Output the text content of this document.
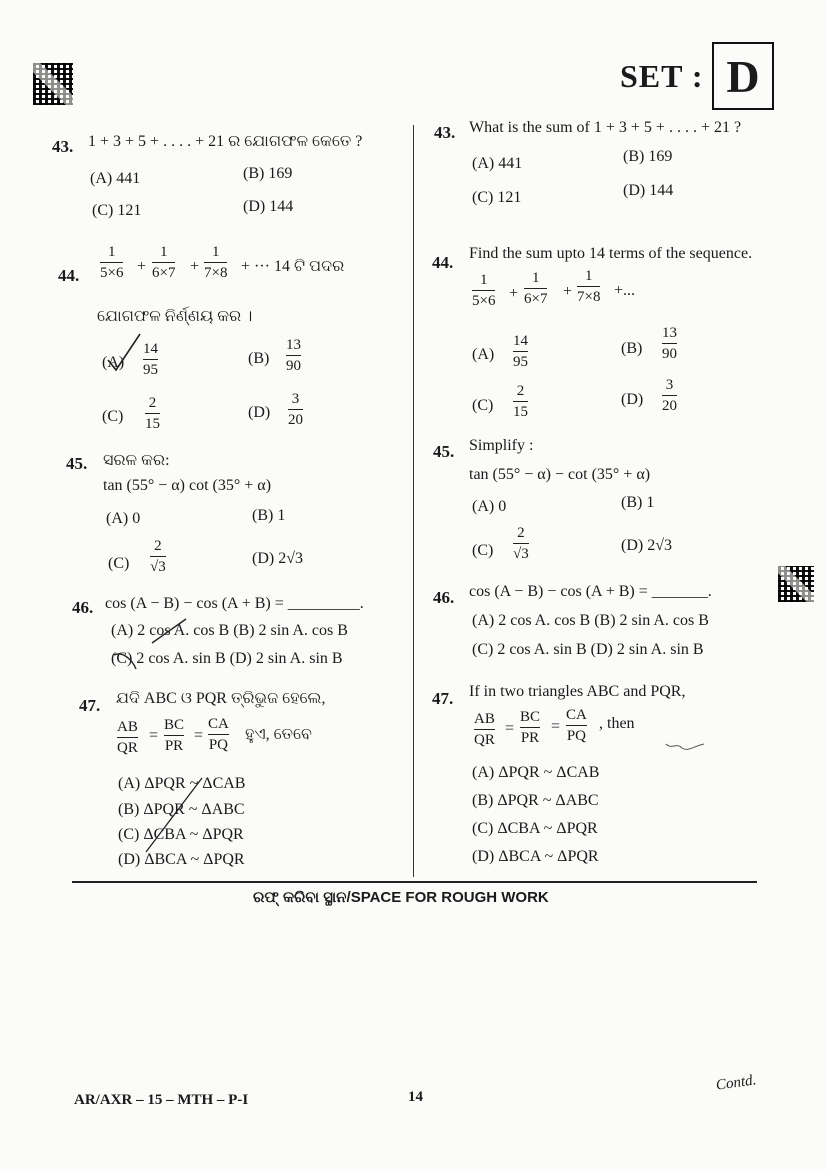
SET : D
43. 1 + 3 + 5 + . . . . + 21 ର ଯୋଗଫଳ କେତେ ?
(A) 441	(B) 169
(C) 121	(D) 144
44.
1
5×6 +
1
6×7 +
1
7×8 + ··· 14 ଟି ପଦର
ଯୋଗଫଳ ନିର୍ଣ୍ଣୟ କର ।
(A)
14
95
(B)
13
90
(C)
2
15
(D)
3
20
45. ସରଳ କର:
tan (55° − α) cot (35° + α)
(A) 0	(B) 1
(C)
2
√3	(D) 2√3
46. cos (A − B) − cos (A + B) = _________.
(A) 2 cos A. cos B (B) 2 sin A. cos B
(C) 2 cos A. sin B (D) 2 sin A. sin B
47. ଯଦି ABC ଓ PQR ତ୍ରିଭୁଜ ହେଲେ,
AB
QR
=
BC
PR
=
CA
PQ
ହୁଏ, ତେବେ
(A) ΔPQR ~ ΔCAB
(B) ΔPQR ~ ΔABC
(C) ΔCBA ~ ΔPQR
(D) ΔBCA ~ ΔPQR
43. What is the sum of 1 + 3 + 5 + . . . . + 21 ?
(A) 441	(B) 169
(C) 121	(D) 144
44. Find the sum upto 14 terms of the sequence.
1
5×6 +
1
6×7 +
1
7×8 +...
(A)
14
95
(B)
13
90
(C)
2
15
(D)
3
20
45. Simplify :
tan (55° − α) − cot (35° + α)
(A) 0	(B) 1
(C)
2
√3	(D) 2√3
46. cos (A − B) − cos (A + B) = _______.
(A) 2 cos A. cos B (B) 2 sin A. cos B
(C) 2 cos A. sin B (D) 2 sin A. sin B
47. If in two triangles ABC and PQR,
AB
QR
=
BC
PR
=
CA
PQ
, then
(A) ΔPQR ~ ΔCAB
(B) ΔPQR ~ ΔABC
(C) ΔCBA ~ ΔPQR
(D) ΔBCA ~ ΔPQR
ରଫ୍ କରିବା ସ୍ଥାନ/SPACE FOR ROUGH WORK
AR/AXR – 15 – MTH – P-I	14
Contd.
